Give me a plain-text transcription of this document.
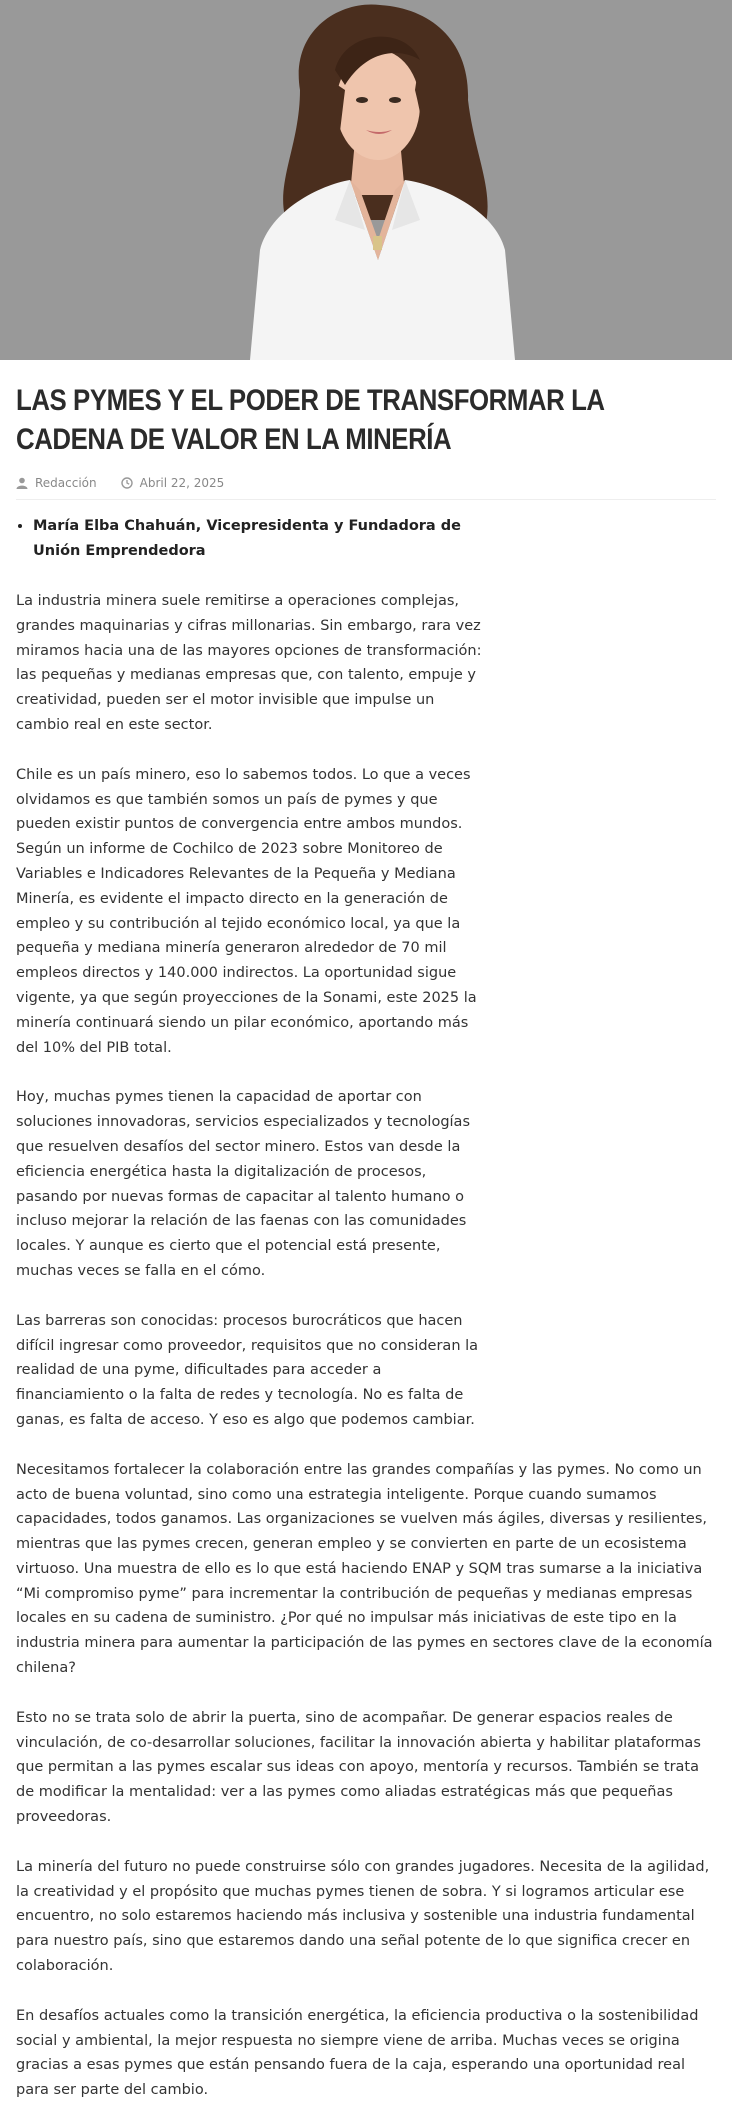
LAS PYMES Y EL PODER DE TRANSFORMAR LA CADENA DE VALOR EN LA MINERÍA
Redacción	Abril 22, 2025
• María Elba Chahuán, Vicepresidenta y Fundadora de Unión Emprendedora

La industria minera suele remitirse a operaciones complejas, grandes maquinarias y cifras millonarias. Sin embargo, rara vez miramos hacia una de las mayores opciones de transformación: las pequeñas y medianas empresas que, con talento, empuje y creatividad, pueden ser el motor invisible que impulse un cambio real en este sector.

Chile es un país minero, eso lo sabemos todos. Lo que a veces olvidamos es que también somos un país de pymes y que pueden existir puntos de convergencia entre ambos mundos. Según un informe de Cochilco de 2023 sobre Monitoreo de Variables e Indicadores Relevantes de la Pequeña y Mediana Minería, es evidente el impacto directo en la generación de empleo y su contribución al tejido económico local, ya que la pequeña y mediana minería generaron alrededor de 70 mil empleos directos y 140.000 indirectos. La oportunidad sigue vigente, ya que según proyecciones de la Sonami, este 2025 la minería continuará siendo un pilar económico, aportando más del 10% del PIB total.

Hoy, muchas pymes tienen la capacidad de aportar con soluciones innovadoras, servicios especializados y tecnologías que resuelven desafíos del sector minero. Estos van desde la eficiencia energética hasta la digitalización de procesos, pasando por nuevas formas de capacitar al talento humano o incluso mejorar la relación de las faenas con las comunidades locales. Y aunque es cierto que el potencial está presente, muchas veces se falla en el cómo.

Las barreras son conocidas: procesos burocráticos que hacen difícil ingresar como proveedor, requisitos que no consideran la realidad de una pyme, dificultades para acceder a financiamiento o la falta de redes y tecnología. No es falta de ganas, es falta de acceso. Y eso es algo que podemos cambiar.

Necesitamos fortalecer la colaboración entre las grandes compañías y las pymes. No como un acto de buena voluntad, sino como una estrategia inteligente. Porque cuando sumamos capacidades, todos ganamos. Las organizaciones se vuelven más ágiles, diversas y resilientes, mientras que las pymes crecen, generan empleo y se convierten en parte de un ecosistema virtuoso. Una muestra de ello es lo que está haciendo ENAP y SQM tras sumarse a la iniciativa “Mi compromiso pyme” para incrementar la contribución de pequeñas y medianas empresas locales en su cadena de suministro. ¿Por qué no impulsar más iniciativas de este tipo en la industria minera para aumentar la participación de las pymes en sectores clave de la economía chilena?

Esto no se trata solo de abrir la puerta, sino de acompañar. De generar espacios reales de vinculación, de co-desarrollar soluciones, facilitar la innovación abierta y habilitar plataformas que permitan a las pymes escalar sus ideas con apoyo, mentoría y recursos. También se trata de modificar la mentalidad: ver a las pymes como aliadas estratégicas más que pequeñas proveedoras.

La minería del futuro no puede construirse sólo con grandes jugadores. Necesita de la agilidad, la creatividad y el propósito que muchas pymes tienen de sobra. Y si logramos articular ese encuentro, no solo estaremos haciendo más inclusiva y sostenible una industria fundamental para nuestro país, sino que estaremos dando una señal potente de lo que significa crecer en colaboración.

En desafíos actuales como la transición energética, la eficiencia productiva o la sostenibilidad social y ambiental, la mejor respuesta no siempre viene de arriba. Muchas veces se origina gracias a esas pymes que están pensando fuera de la caja, esperando una oportunidad real para ser parte del cambio.
